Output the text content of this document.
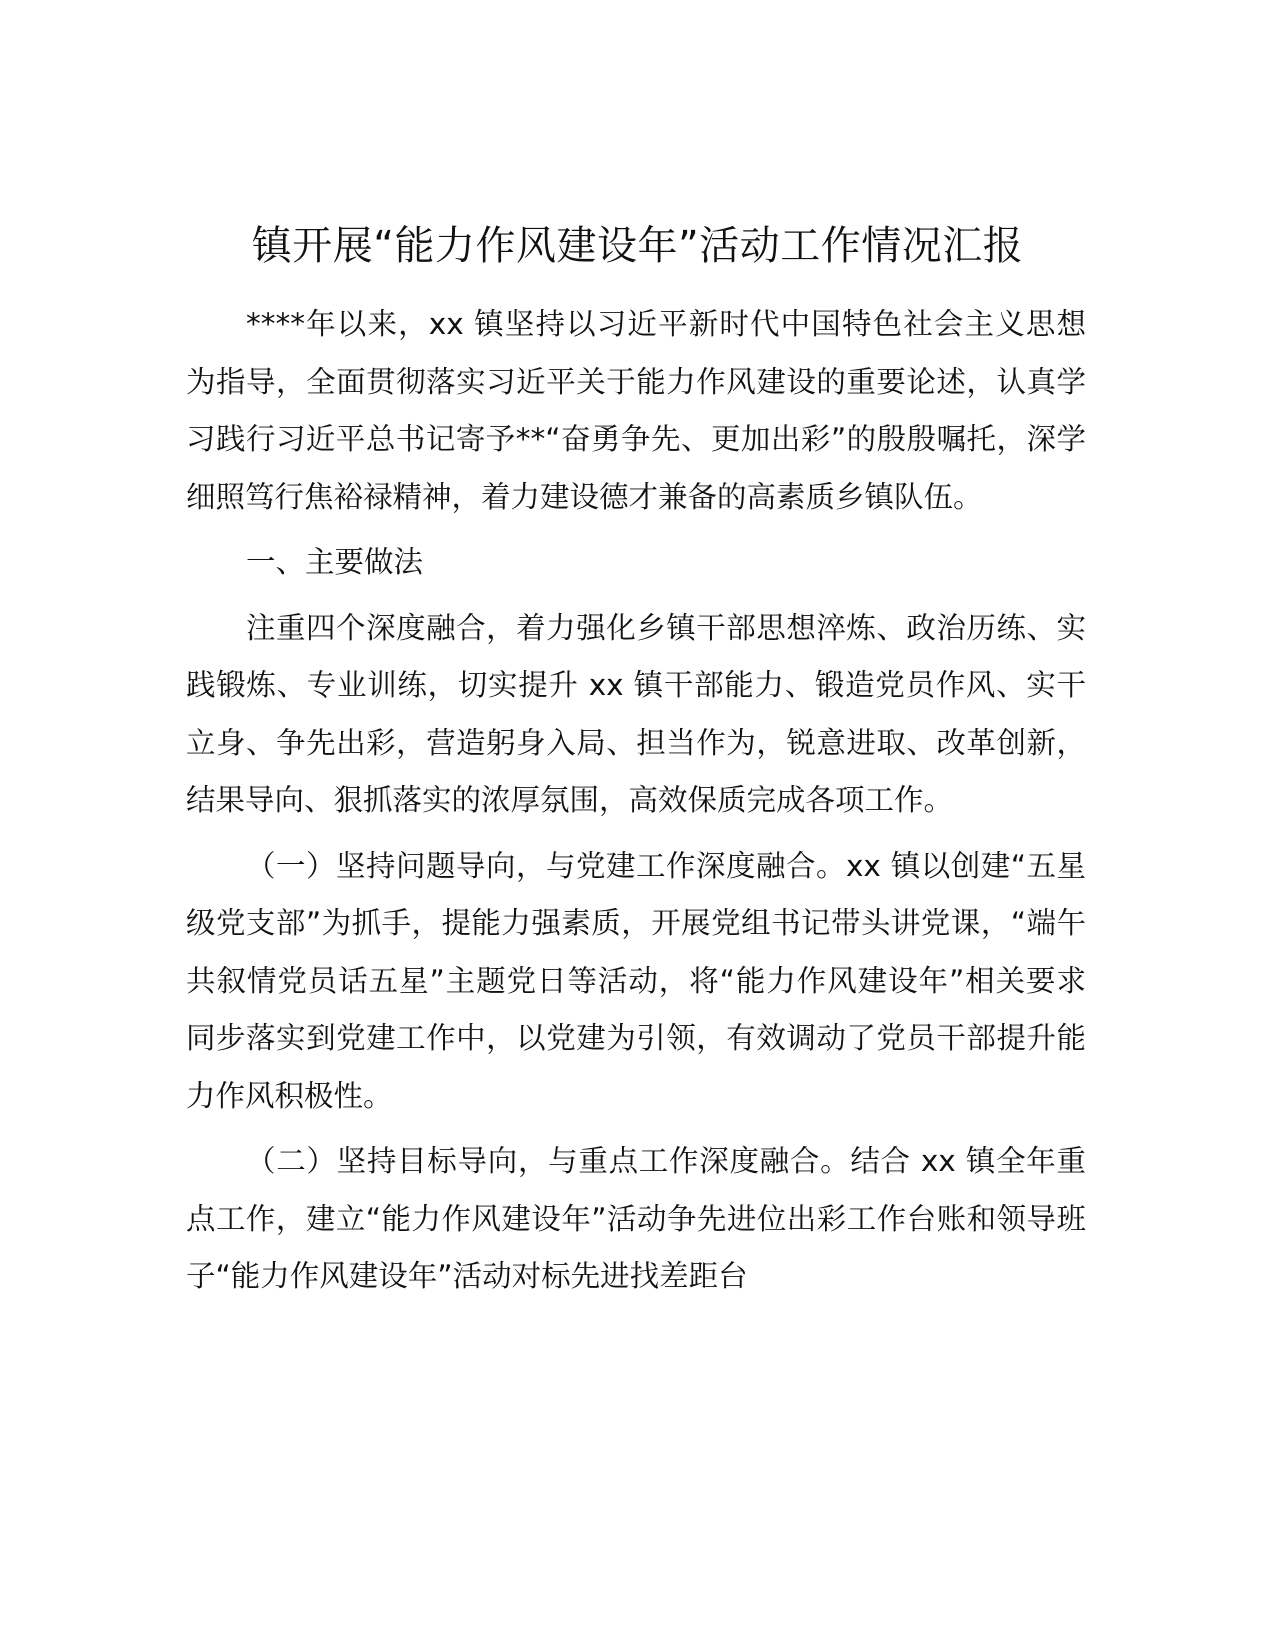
镇开展“能力作风建设年”活动工作情况汇报

****年以来，xx 镇坚持以习近平新时代中国特色社会主义思想为指导，全面贯彻落实习近平关于能力作风建设的重要论述，认真学习践行习近平总书记寄予**“奋勇争先、更加出彩”的殷殷嘱托，深学细照笃行焦裕禄精神，着力建设德才兼备的高素质乡镇队伍。

一、主要做法

注重四个深度融合，着力强化乡镇干部思想淬炼、政治历练、实践锻炼、专业训练，切实提升 xx 镇干部能力、锻造党员作风、实干立身、争先出彩，营造躬身入局、担当作为，锐意进取、改革创新，结果导向、狠抓落实的浓厚氛围，高效保质完成各项工作。

（一）坚持问题导向，与党建工作深度融合。xx 镇以创建“五星级党支部”为抓手，提能力强素质，开展党组书记带头讲党课，“端午共叙情党员话五星”主题党日等活动，将“能力作风建设年”相关要求同步落实到党建工作中，以党建为引领，有效调动了党员干部提升能力作风积极性。

（二）坚持目标导向，与重点工作深度融合。结合 xx 镇全年重点工作，建立“能力作风建设年”活动争先进位出彩工作台账和领导班子“能力作风建设年”活动对标先进找差距台
